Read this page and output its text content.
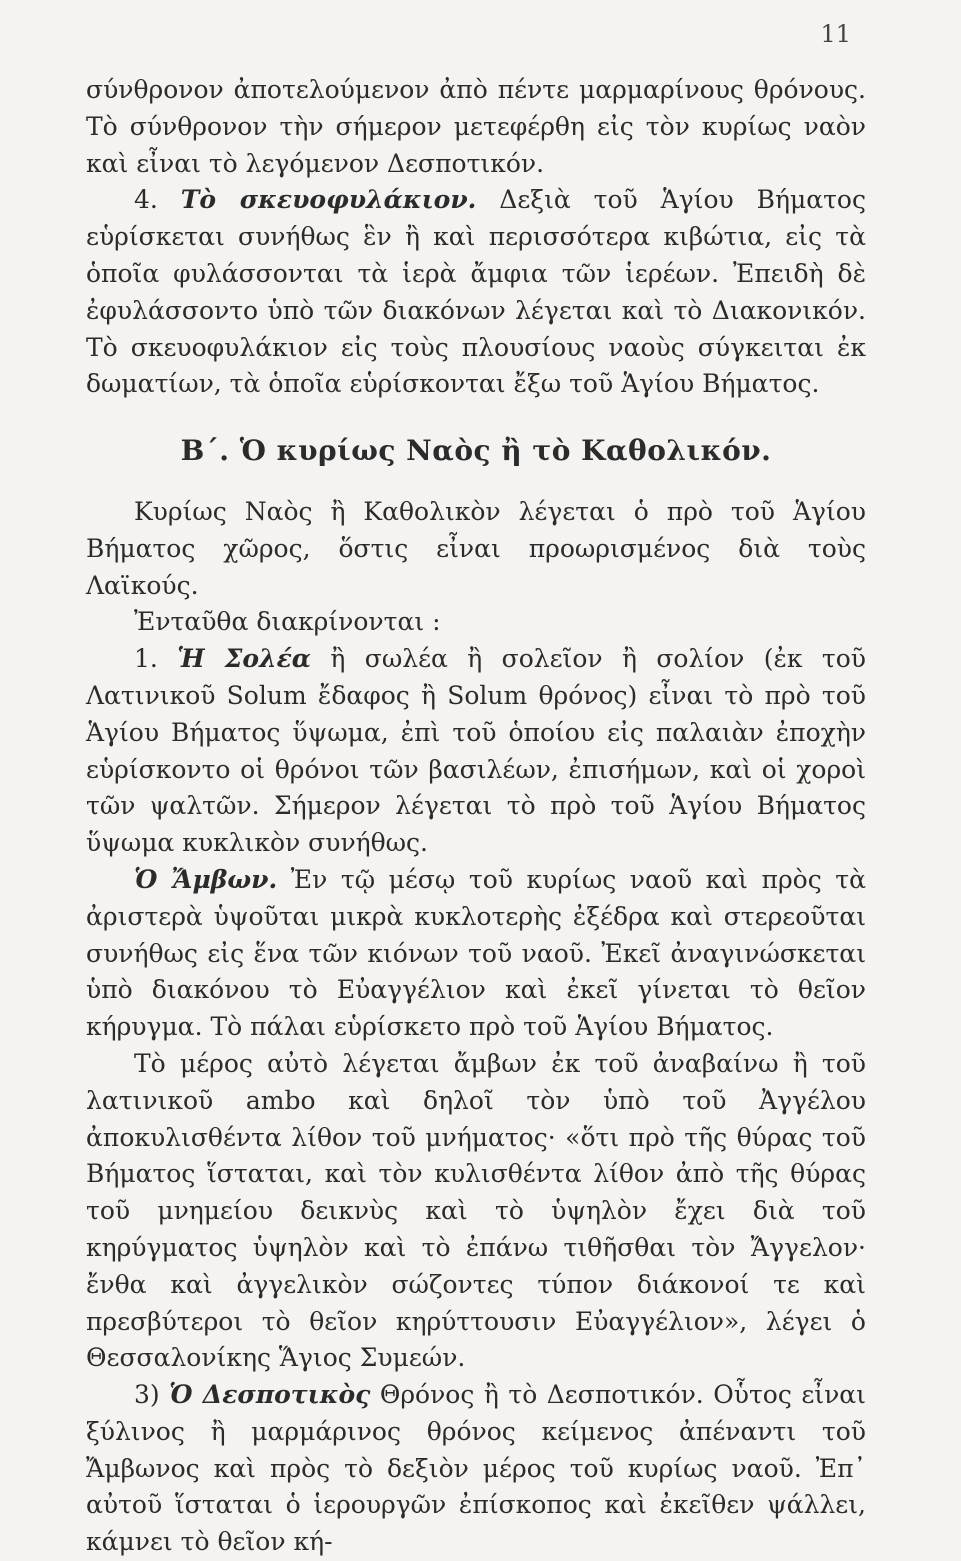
11

σύνθρονον ἀποτελούμενον ἀπὸ πέντε μαρμαρίνους θρόνους. Τὸ σύνθρονον τὴν σήμερον μετεφέρθη εἰς τὸν κυρίως ναὸν καὶ εἶναι τὸ λεγόμενον Δεσποτικόν.

4. Τὸ σκευοφυλάκιον. Δεξιὰ τοῦ Ἁγίου Βήματος εὑρίσκεται συνήθως ἓν ἢ καὶ περισσότερα κιβώτια, εἰς τὰ ὁποῖα φυλάσσονται τὰ ἱερὰ ἄμφια τῶν ἱερέων. Ἐπειδὴ δὲ ἐφυλάσσοντο ὑπὸ τῶν διακόνων λέγεται καὶ τὸ Διακονικόν. Τὸ σκευοφυλάκιον εἰς τοὺς πλουσίους ναοὺς σύγκειται ἐκ δωματίων, τὰ ὁποῖα εὑρίσκονται ἔξω τοῦ Ἁγίου Βήματος.

Β΄. Ὁ κυρίως Ναὸς ἢ τὸ Καθολικόν.

Κυρίως Ναὸς ἢ Καθολικὸν λέγεται ὁ πρὸ τοῦ Ἁγίου Βήματος χῶρος, ὅστις εἶναι προωρισμένος διὰ τοὺς Λαϊκούς.

Ἐνταῦθα διακρίνονται :

1. Ἡ Σολέα ἢ σωλέα ἢ σολεῖον ἢ σολίον (ἐκ τοῦ Λατινικοῦ Solum ἔδαφος ἢ Solum θρόνος) εἶναι τὸ πρὸ τοῦ Ἁγίου Βήματος ὕψωμα, ἐπὶ τοῦ ὁποίου εἰς παλαιὰν ἐποχὴν εὑρίσκοντο οἱ θρόνοι τῶν βασιλέων, ἐπισήμων, καὶ οἱ χοροὶ τῶν ψαλτῶν. Σήμερον λέγεται τὸ πρὸ τοῦ Ἁγίου Βήματος ὕψωμα κυκλικὸν συνήθως.

Ὁ Ἄμβων. Ἐν τῷ μέσῳ τοῦ κυρίως ναοῦ καὶ πρὸς τὰ ἀριστερὰ ὑψοῦται μικρὰ κυκλοτερὴς ἐξέδρα καὶ στερεοῦται συνήθως εἰς ἕνα τῶν κιόνων τοῦ ναοῦ. Ἐκεῖ ἀναγινώσκεται ὑπὸ διακόνου τὸ Εὐαγγέλιον καὶ ἐκεῖ γίνεται τὸ θεῖον κήρυγμα. Τὸ πάλαι εὑρίσκετο πρὸ τοῦ Ἁγίου Βήματος.

Τὸ μέρος αὐτὸ λέγεται ἄμβων ἐκ τοῦ ἀναβαίνω ἢ τοῦ λατινικοῦ ambo καὶ δηλοῖ τὸν ὑπὸ τοῦ Ἀγγέλου ἀποκυλισθέντα λίθον τοῦ μνήματος· «ὅτι πρὸ τῆς θύρας τοῦ Βήματος ἵσταται, καὶ τὸν κυλισθέντα λίθον ἀπὸ τῆς θύρας τοῦ μνημείου δεικνὺς καὶ τὸ ὑψηλὸν ἔχει διὰ τοῦ κηρύγματος ὑψηλὸν καὶ τὸ ἐπάνω τιθῆσθαι τὸν Ἄγγελον· ἔνθα καὶ ἀγγελικὸν σώζοντες τύπον διάκονοί τε καὶ πρεσβύτεροι τὸ θεῖον κηρύττουσιν Εὐαγγέλιον», λέγει ὁ Θεσσαλονίκης Ἅγιος Συμεών.

3) Ὁ Δεσποτικὸς Θρόνος ἢ τὸ Δεσποτικόν. Οὗτος εἶναι ξύλινος ἢ μαρμάρινος θρόνος κείμενος ἀπέναντι τοῦ Ἄμβωνος καὶ πρὸς τὸ δεξιὸν μέρος τοῦ κυρίως ναοῦ. Ἐπ᾽ αὐτοῦ ἵσταται ὁ ἱερουργῶν ἐπίσκοπος καὶ ἐκεῖθεν ψάλλει, κάμνει τὸ θεῖον κή-
